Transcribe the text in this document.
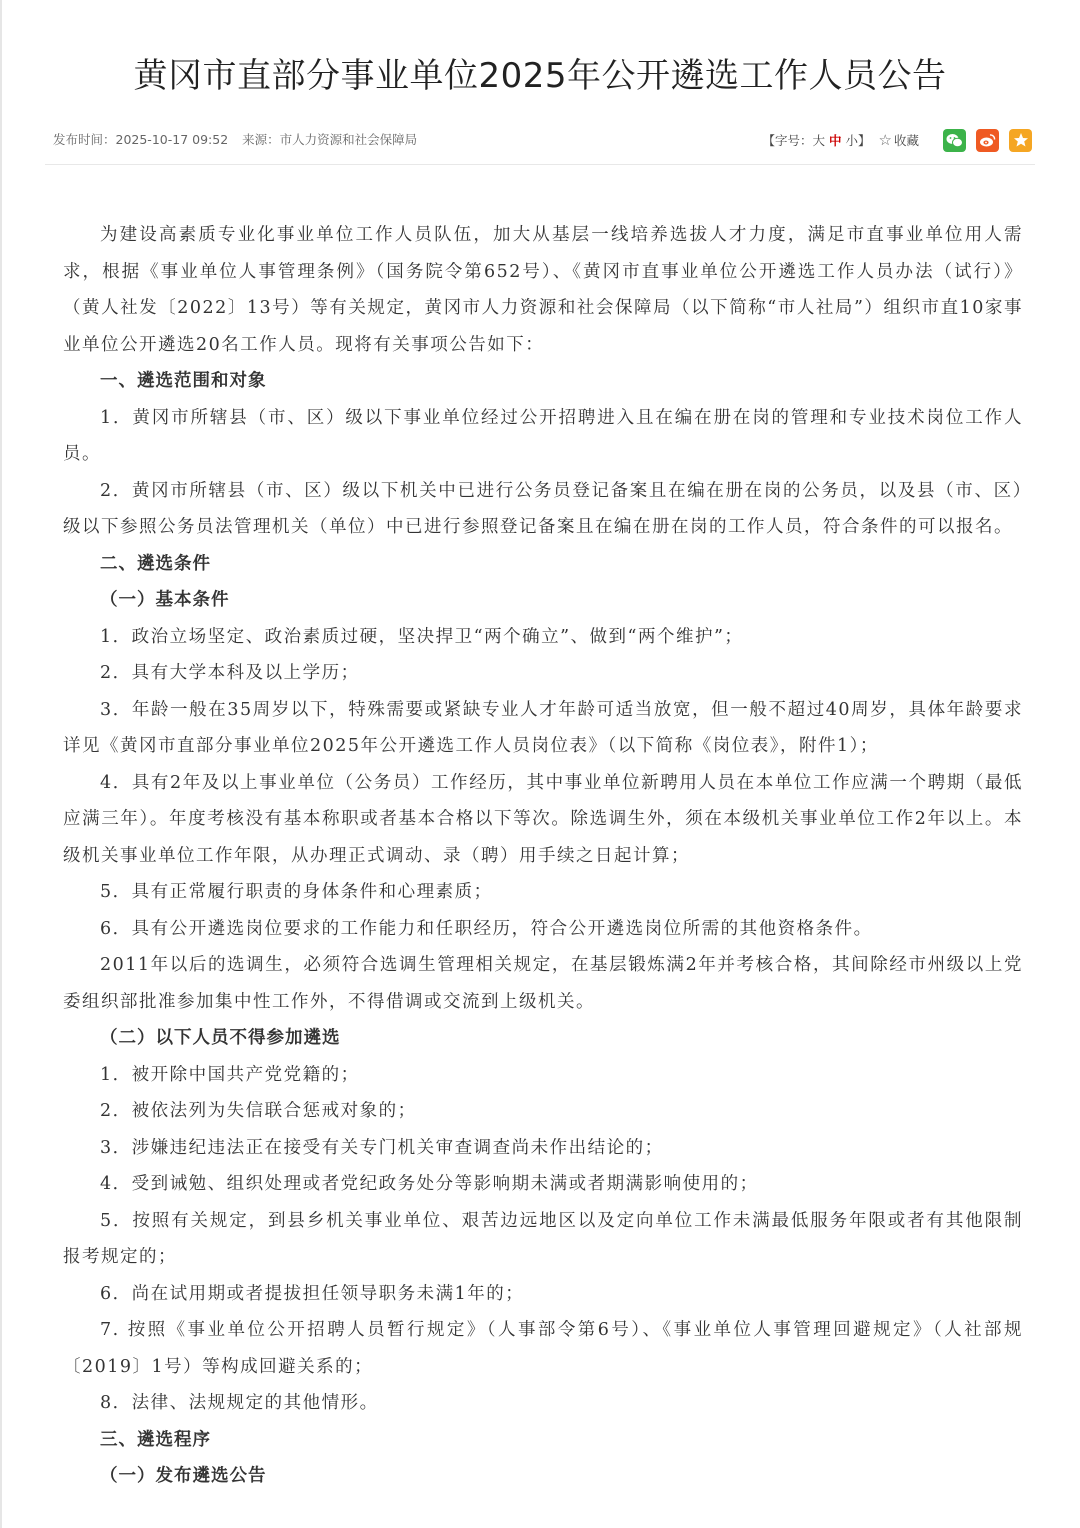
黄冈市直部分事业单位2025年公开遴选工作人员公告
发布时间：2025-10-17 09:52 来源：市人力资源和社会保障局	【字号：大 中 小】 ☆ 收藏

为建设高素质专业化事业单位工作人员队伍，加大从基层一线培养选拔人才力度，满足市直事业单位用人需求，根据《事业单位人事管理条例》（国务院令第652号）、《黄冈市直事业单位公开遴选工作人员办法（试行）》（黄人社发〔2022〕13号）等有关规定，黄冈市人力资源和社会保障局（以下简称“市人社局”）组织市直10家事业单位公开遴选20名工作人员。现将有关事项公告如下：

一、遴选范围和对象

1．黄冈市所辖县（市、区）级以下事业单位经过公开招聘进入且在编在册在岗的管理和专业技术岗位工作人员。

2．黄冈市所辖县（市、区）级以下机关中已进行公务员登记备案且在编在册在岗的公务员，以及县（市、区）级以下参照公务员法管理机关（单位）中已进行参照登记备案且在编在册在岗的工作人员，符合条件的可以报名。

二、遴选条件

（一）基本条件

1．政治立场坚定、政治素质过硬，坚决捍卫“两个确立”、做到“两个维护”；

2．具有大学本科及以上学历；

3．年龄一般在35周岁以下，特殊需要或紧缺专业人才年龄可适当放宽，但一般不超过40周岁，具体年龄要求详见《黄冈市直部分事业单位2025年公开遴选工作人员岗位表》（以下简称《岗位表》，附件1）；

4．具有2年及以上事业单位（公务员）工作经历，其中事业单位新聘用人员在本单位工作应满一个聘期（最低应满三年）。年度考核没有基本称职或者基本合格以下等次。除选调生外，须在本级机关事业单位工作2年以上。本级机关事业单位工作年限，从办理正式调动、录（聘）用手续之日起计算；

5．具有正常履行职责的身体条件和心理素质；

6．具有公开遴选岗位要求的工作能力和任职经历，符合公开遴选岗位所需的其他资格条件。

2011年以后的选调生，必须符合选调生管理相关规定，在基层锻炼满2年并考核合格，其间除经市州级以上党委组织部批准参加集中性工作外，不得借调或交流到上级机关。

（二）以下人员不得参加遴选

1．被开除中国共产党党籍的；

2．被依法列为失信联合惩戒对象的；

3．涉嫌违纪违法正在接受有关专门机关审查调查尚未作出结论的；

4．受到诫勉、组织处理或者党纪政务处分等影响期未满或者期满影响使用的；

5．按照有关规定，到县乡机关事业单位、艰苦边远地区以及定向单位工作未满最低服务年限或者有其他限制报考规定的；

6．尚在试用期或者提拔担任领导职务未满1年的；

7. 按照《事业单位公开招聘人员暂行规定》（人事部令第6号）、《事业单位人事管理回避规定》（人社部规〔2019〕1号）等构成回避关系的；

8．法律、法规规定的其他情形。

三、遴选程序

（一）发布遴选公告
